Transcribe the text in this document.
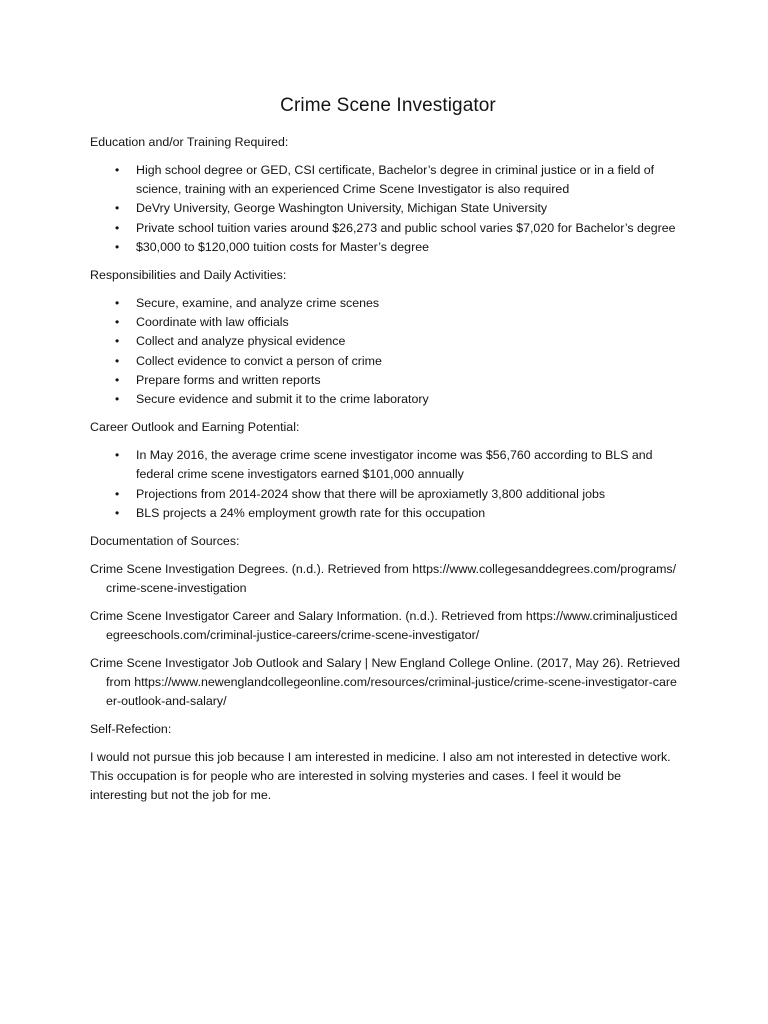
Crime Scene Investigator
Education and/or Training Required:
• High school degree or GED, CSI certificate, Bachelor’s degree in criminal justice or in a field of science, training with an experienced Crime Scene Investigator is also required
• DeVry University, George Washington University, Michigan State University
• Private school tuition varies around $26,273 and public school varies $7,020 for Bachelor’s degree
• $30,000 to $120,000 tuition costs for Master’s degree
Responsibilities and Daily Activities:
• Secure, examine, and analyze crime scenes
• Coordinate with law officials
• Collect and analyze physical evidence
• Collect evidence to convict a person of crime
• Prepare forms and written reports
• Secure evidence and submit it to the crime laboratory
Career Outlook and Earning Potential:
• In May 2016, the average crime scene investigator income was $56,760 according to BLS and federal crime scene investigators earned $101,000 annually
• Projections from 2014-2024 show that there will be aproxiametly 3,800 additional jobs
• BLS projects a 24% employment growth rate for this occupation
Documentation of Sources:
Crime Scene Investigation Degrees. (n.d.). Retrieved from https://www.collegesanddegrees.com/programs/crime-scene-investigation
Crime Scene Investigator Career and Salary Information. (n.d.). Retrieved from https://www.criminaljusticedegreeschools.com/criminal-justice-careers/crime-scene-investigator/
Crime Scene Investigator Job Outlook and Salary | New England College Online. (2017, May 26). Retrieved from https://www.newenglandcollegeonline.com/resources/criminal-justice/crime-scene-investigator-career-outlook-and-salary/
Self-Refection:

I would not pursue this job because I am interested in medicine. I also am not interested in detective work. This occupation is for people who are interested in solving mysteries and cases. I feel it would be interesting but not the job for me.
